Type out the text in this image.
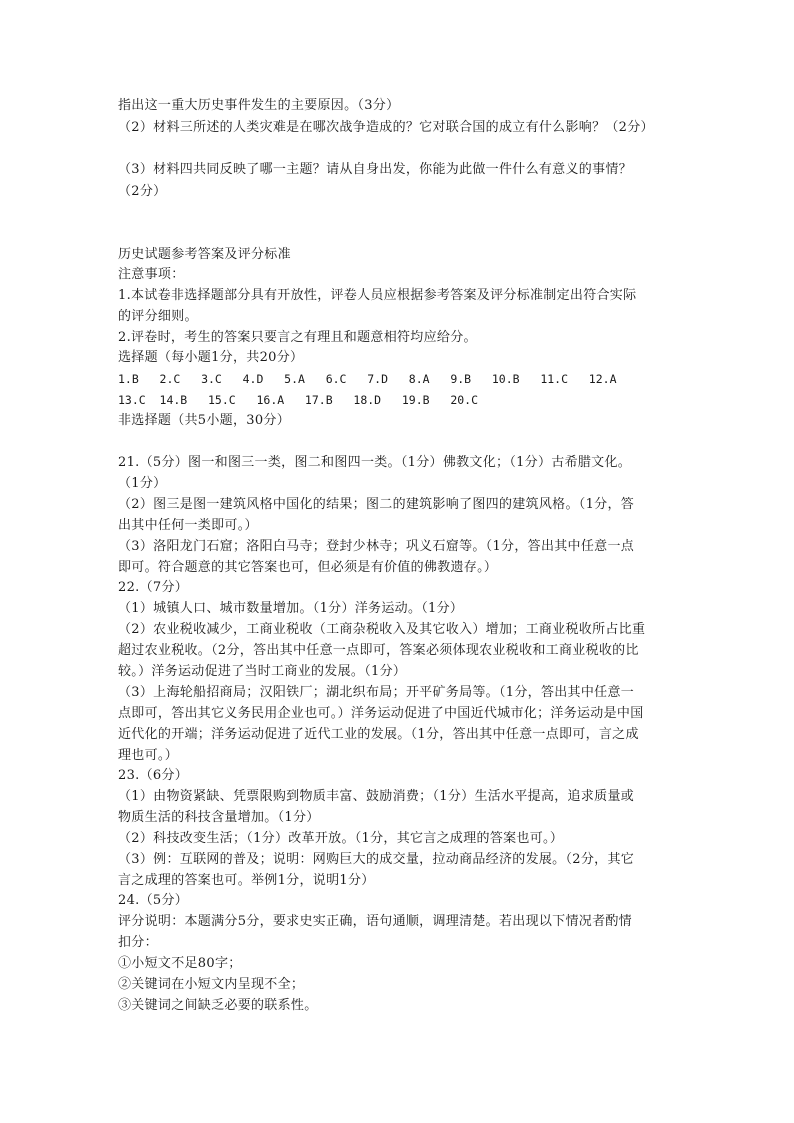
指出这一重大历史事件发生的主要原因。（3分）
（2）材料三所述的人类灾难是在哪次战争造成的？它对联合国的成立有什么影响？（2分）
（3）材料四共同反映了哪一主题？请从自身出发，你能为此做一件什么有意义的事情？
（2分）
历史试题参考答案及评分标准
注意事项：
1.本试卷非选择题部分具有开放性，评卷人员应根据参考答案及评分标准制定出符合实际
的评分细则。
2.评卷时，考生的答案只要言之有理且和题意相符均应给分。
选择题（每小题1分，共20分）
1.B   2.C   3.C   4.D   5.A   6.C   7.D   8.A   9.B   10.B   11.C   12.A
13.C  14.B   15.C   16.A   17.B   18.D   19.B   20.C
非选择题（共5小题，30分）
21.（5分）图一和图三一类，图二和图四一类。（1分）佛教文化；（1分）古希腊文化。
（1分）
（2）图三是图一建筑风格中国化的结果；图二的建筑影响了图四的建筑风格。（1分，答
出其中任何一类即可。）
（3）洛阳龙门石窟；洛阳白马寺；登封少林寺；巩义石窟等。（1分，答出其中任意一点
即可。符合题意的其它答案也可，但必须是有价值的佛教遗存。）
22.（7分）
（1）城镇人口、城市数量增加。（1分）洋务运动。（1分）
（2）农业税收减少，工商业税收（工商杂税收入及其它收入）增加；工商业税收所占比重
超过农业税收。（2分，答出其中任意一点即可，答案必须体现农业税收和工商业税收的比
较。）洋务运动促进了当时工商业的发展。（1分）
（3）上海轮船招商局；汉阳铁厂；湖北织布局；开平矿务局等。（1分，答出其中任意一
点即可，答出其它义务民用企业也可。）洋务运动促进了中国近代城市化；洋务运动是中国
近代化的开端；洋务运动促进了近代工业的发展。（1分，答出其中任意一点即可，言之成
理也可。）
23.（6分）
（1）由物资紧缺、凭票限购到物质丰富、鼓励消费；（1分）生活水平提高，追求质量或
物质生活的科技含量增加。（1分）
（2）科技改变生活；（1分）改革开放。（1分，其它言之成理的答案也可。）
（3）例：互联网的普及；说明：网购巨大的成交量，拉动商品经济的发展。（2分，其它
言之成理的答案也可。举例1分，说明1分）
24.（5分）
评分说明：本题满分5分，要求史实正确，语句通顺，调理清楚。若出现以下情况者酌情
扣分：
①小短文不足80字；
②关键词在小短文内呈现不全；
③关键词之间缺乏必要的联系性。
